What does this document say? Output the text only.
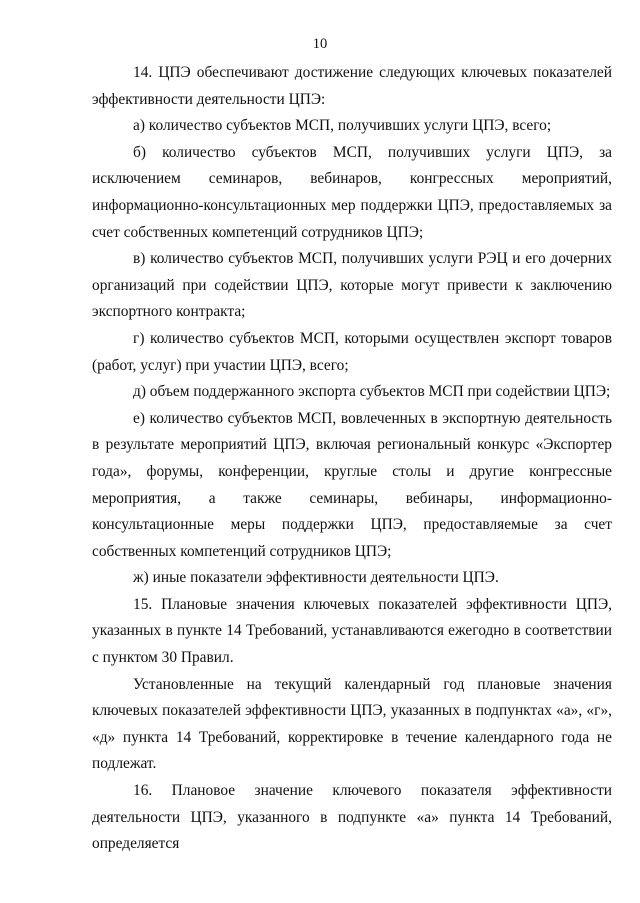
10

14. ЦПЭ обеспечивают достижение следующих ключевых показателей эффективности деятельности ЦПЭ:

а) количество субъектов МСП, получивших услуги ЦПЭ, всего;

б) количество субъектов МСП, получивших услуги ЦПЭ, за исключением семинаров, вебинаров, конгрессных мероприятий, информационно-консультационных мер поддержки ЦПЭ, предоставляемых за счет собственных компетенций сотрудников ЦПЭ;

в) количество субъектов МСП, получивших услуги РЭЦ и его дочерних организаций при содействии ЦПЭ, которые могут привести к заключению экспортного контракта;

г) количество субъектов МСП, которыми осуществлен экспорт товаров (работ, услуг) при участии ЦПЭ, всего;

д) объем поддержанного экспорта субъектов МСП при содействии ЦПЭ;

е) количество субъектов МСП, вовлеченных в экспортную деятельность в результате мероприятий ЦПЭ, включая региональный конкурс «Экспортер года», форумы, конференции, круглые столы и другие конгрессные мероприятия, а также семинары, вебинары, информационно-консультационные меры поддержки ЦПЭ, предоставляемые за счет собственных компетенций сотрудников ЦПЭ;

ж) иные показатели эффективности деятельности ЦПЭ.

15. Плановые значения ключевых показателей эффективности ЦПЭ, указанных в пункте 14 Требований, устанавливаются ежегодно в соответствии с пунктом 30 Правил.

Установленные на текущий календарный год плановые значения ключевых показателей эффективности ЦПЭ, указанных в подпунктах «а», «г», «д» пункта 14 Требований, корректировке в течение календарного года не подлежат.

16. Плановое значение ключевого показателя эффективности деятельности ЦПЭ, указанного в подпункте «а» пункта 14 Требований, определяется
